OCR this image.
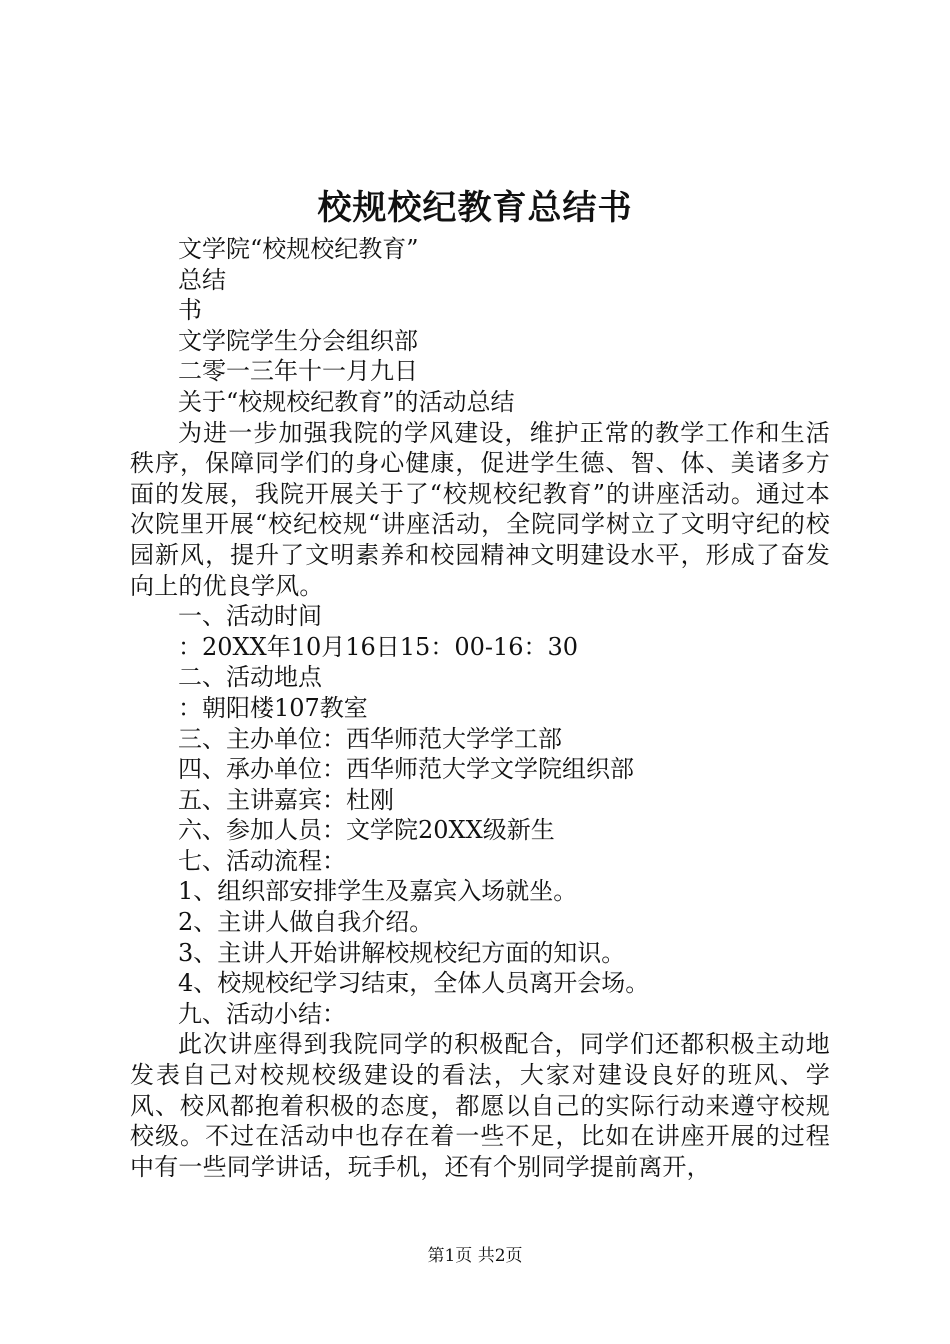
校规校纪教育总结书

文学院“校规校纪教育”

总结

书

文学院学生分会组织部

二零一三年十一月九日

关于“校规校纪教育”的活动总结

为进一步加强我院的学风建设，维护正常的教学工作和生活秩序，保障同学们的身心健康，促进学生德、智、体、美诸多方面的发展，我院开展关于了“校规校纪教育”的讲座活动。通过本次院里开展“校纪校规“讲座活动，全院同学树立了文明守纪的校园新风，提升了文明素养和校园精神文明建设水平，形成了奋发向上的优良学风。

一、活动时间

：20XX年10月16日15：00-16：30

二、活动地点

：朝阳楼107教室

三、主办单位：西华师范大学学工部

四、承办单位：西华师范大学文学院组织部

五、主讲嘉宾：杜刚

六、参加人员：文学院20XX级新生

七、活动流程：

1、组织部安排学生及嘉宾入场就坐。

2、主讲人做自我介绍。

3、主讲人开始讲解校规校纪方面的知识。

4、校规校纪学习结束，全体人员离开会场。

九、活动小结：

此次讲座得到我院同学的积极配合，同学们还都积极主动地发表自己对校规校级建设的看法，大家对建设良好的班风、学风、校风都抱着积极的态度，都愿以自己的实际行动来遵守校规校级。不过在活动中也存在着一些不足，比如在讲座开展的过程中有一些同学讲话，玩手机，还有个别同学提前离开，

第1页 共2页
